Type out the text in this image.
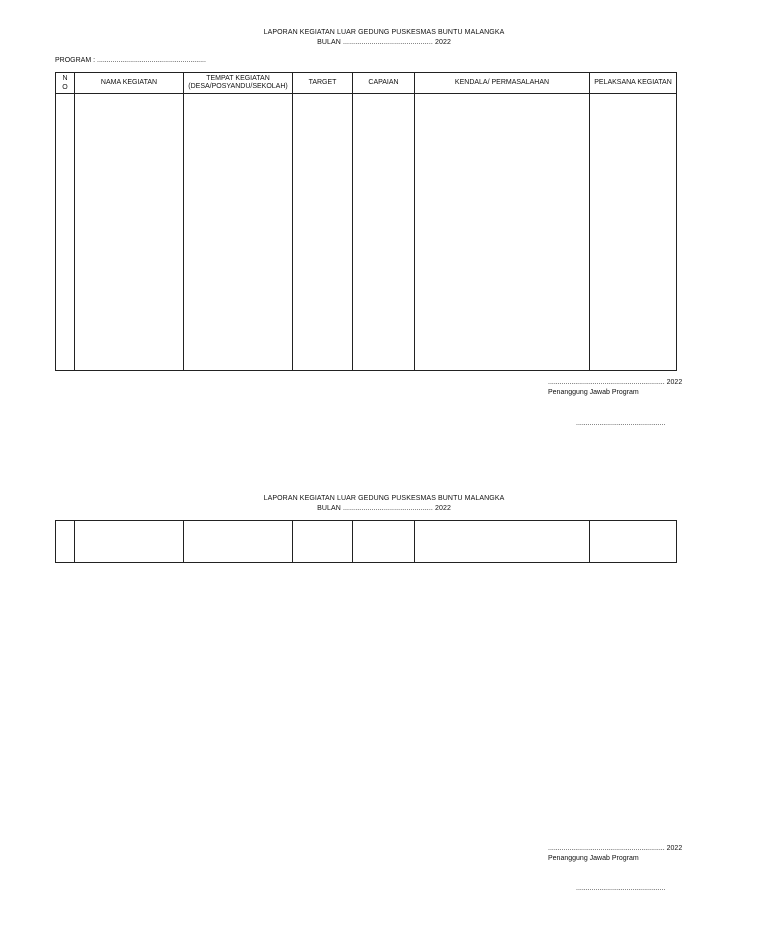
LAPORAN KEGIATAN LUAR GEDUNG PUSKESMAS BUNTU MALANGKA
BULAN ............................................ 2022
PROGRAM : ........................................................
N O	NAMA KEGIATAN	TEMPAT KEGIATAN
(DESA/POSYANDU/SEKOLAH)	TARGET	CAPAIAN	KENDALA/ PERMASALAHAN	PELAKSANA KEGIATAN

............................................................ 2022
Penanggung Jawab Program
..............................................
LAPORAN KEGIATAN LUAR GEDUNG PUSKESMAS BUNTU MALANGKA
BULAN ............................................ 2022

............................................................ 2022
Penanggung Jawab Program
..............................................
